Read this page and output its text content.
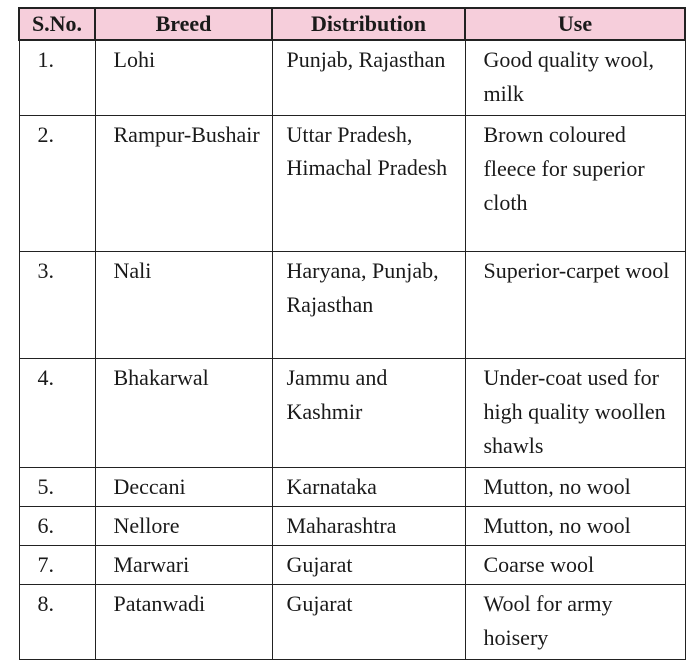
S.No.	Breed	Distribution	Use
1.	Lohi	Punjab, Rajasthan	Good quality wool, milk
2.	Rampur-Bushair	Uttar Pradesh, Himachal Pradesh	Brown coloured fleece for superior cloth
3.	Nali	Haryana, Punjab, Rajasthan	Superior-carpet wool
4.	Bhakarwal	Jammu and Kashmir	Under-coat used for high quality woollen shawls
5.	Deccani	Karnataka	Mutton, no wool
6.	Nellore	Maharashtra	Mutton, no wool
7.	Marwari	Gujarat	Coarse wool
8.	Patanwadi	Gujarat	Wool for army hoisery
